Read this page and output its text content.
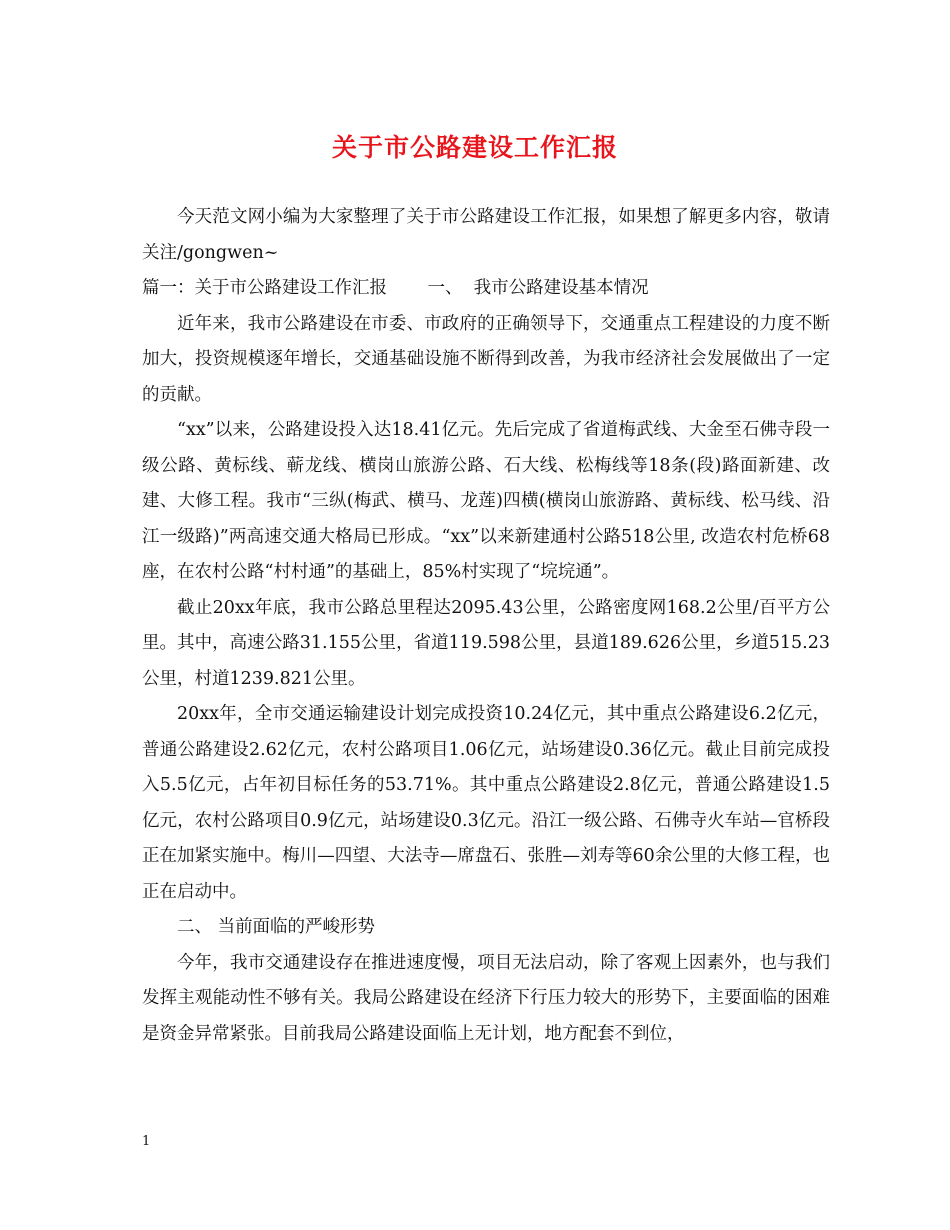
关于市公路建设工作汇报

今天范文网小编为大家整理了关于市公路建设工作汇报，如果想了解更多内容，敬请关注/gongwen~

篇一：关于市公路建设工作汇报　　 一、  我市公路建设基本情况

近年来，我市公路建设在市委、市政府的正确领导下，交通重点工程建设的力度不断加大，投资规模逐年增长，交通基础设施不断得到改善，为我市经济社会发展做出了一定的贡献。

“xx”以来，公路建设投入达18.41亿元。先后完成了省道梅武线、大金至石佛寺段一级公路、黄标线、蕲龙线、横岗山旅游公路、石大线、松梅线等18条(段)路面新建、改建、大修工程。我市“三纵(梅武、横马、龙莲)四横(横岗山旅游路、黄标线、松马线、沿江一级路)”两高速交通大格局已形成。“xx”以来新建通村公路518公里, 改造农村危桥68座，在农村公路“村村通”的基础上，85%村实现了“垸垸通”。

截止20xx年底，我市公路总里程达2095.43公里，公路密度网168.2公里/百平方公里。其中，高速公路31.155公里，省道119.598公里，县道189.626公里，乡道515.23公里，村道1239.821公里。

20xx年，全市交通运输建设计划完成投资10.24亿元，其中重点公路建设6.2亿元，普通公路建设2.62亿元，农村公路项目1.06亿元，站场建设0.36亿元。截止目前完成投入5.5亿元，占年初目标任务的53.71%。其中重点公路建设2.8亿元，普通公路建设1.5亿元，农村公路项目0.9亿元，站场建设0.3亿元。沿江一级公路、石佛寺火车站—官桥段正在加紧实施中。梅川—四望、大法寺—席盘石、张胜—刘寿等60余公里的大修工程，也正在启动中。

二、 当前面临的严峻形势

今年，我市交通建设存在推进速度慢，项目无法启动，除了客观上因素外，也与我们发挥主观能动性不够有关。我局公路建设在经济下行压力较大的形势下，主要面临的困难是资金异常紧张。目前我局公路建设面临上无计划，地方配套不到位，

1
